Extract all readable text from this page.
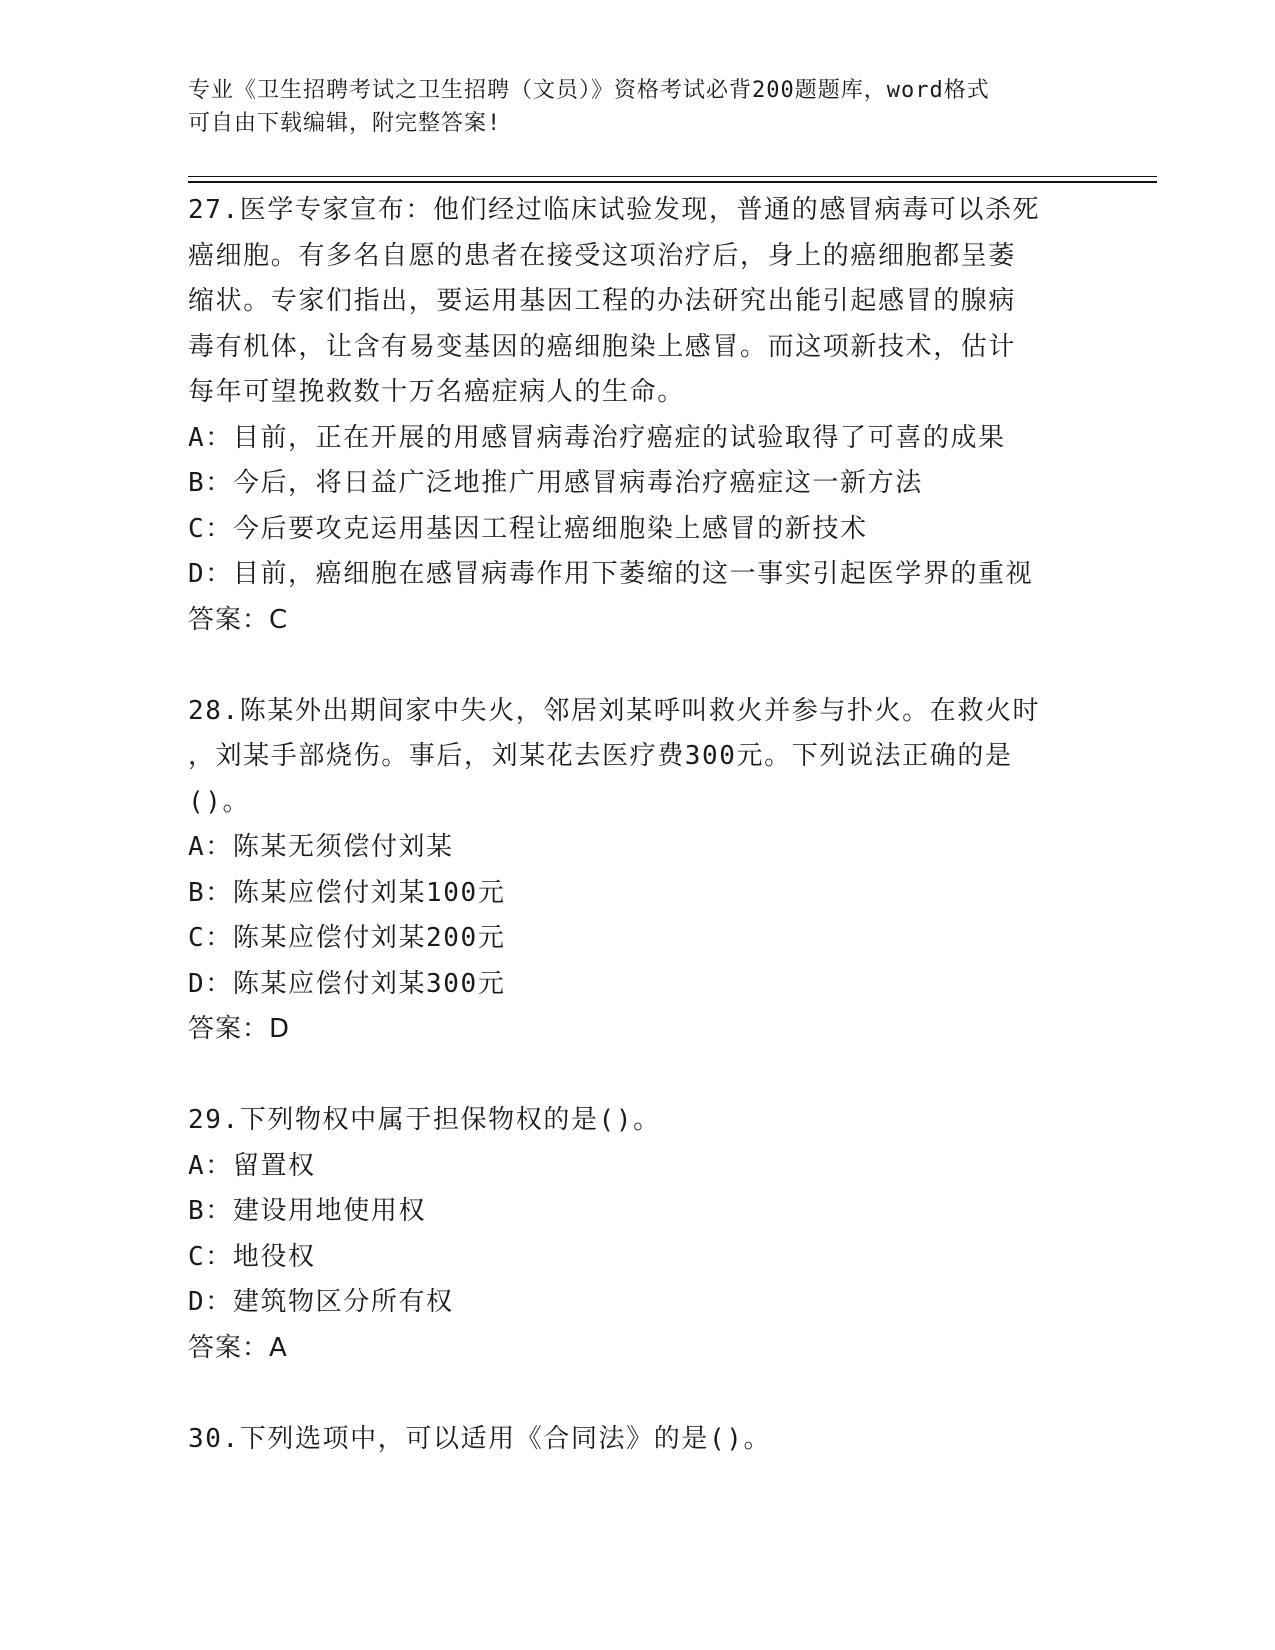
专业《卫生招聘考试之卫生招聘（文员）》资格考试必背200题题库，word格式
可自由下载编辑，附完整答案!
27.医学专家宣布：他们经过临床试验发现，普通的感冒病毒可以杀死
癌细胞。有多名自愿的患者在接受这项治疗后，身上的癌细胞都呈萎
缩状。专家们指出，要运用基因工程的办法研究出能引起感冒的腺病
毒有机体，让含有易变基因的癌细胞染上感冒。而这项新技术，估计
每年可望挽救数十万名癌症病人的生命。
A：目前，正在开展的用感冒病毒治疗癌症的试验取得了可喜的成果
B：今后，将日益广泛地推广用感冒病毒治疗癌症这一新方法
C：今后要攻克运用基因工程让癌细胞染上感冒的新技术
D：目前，癌细胞在感冒病毒作用下萎缩的这一事实引起医学界的重视
答案：C
28.陈某外出期间家中失火，邻居刘某呼叫救火并参与扑火。在救火时
，刘某手部烧伤。事后，刘某花去医疗费300元。下列说法正确的是
()。
A：陈某无须偿付刘某
B：陈某应偿付刘某100元
C：陈某应偿付刘某200元
D：陈某应偿付刘某300元
答案：D
29.下列物权中属于担保物权的是()。
A：留置权
B：建设用地使用权
C：地役权
D：建筑物区分所有权
答案：A
30.下列选项中，可以适用《合同法》的是()。
